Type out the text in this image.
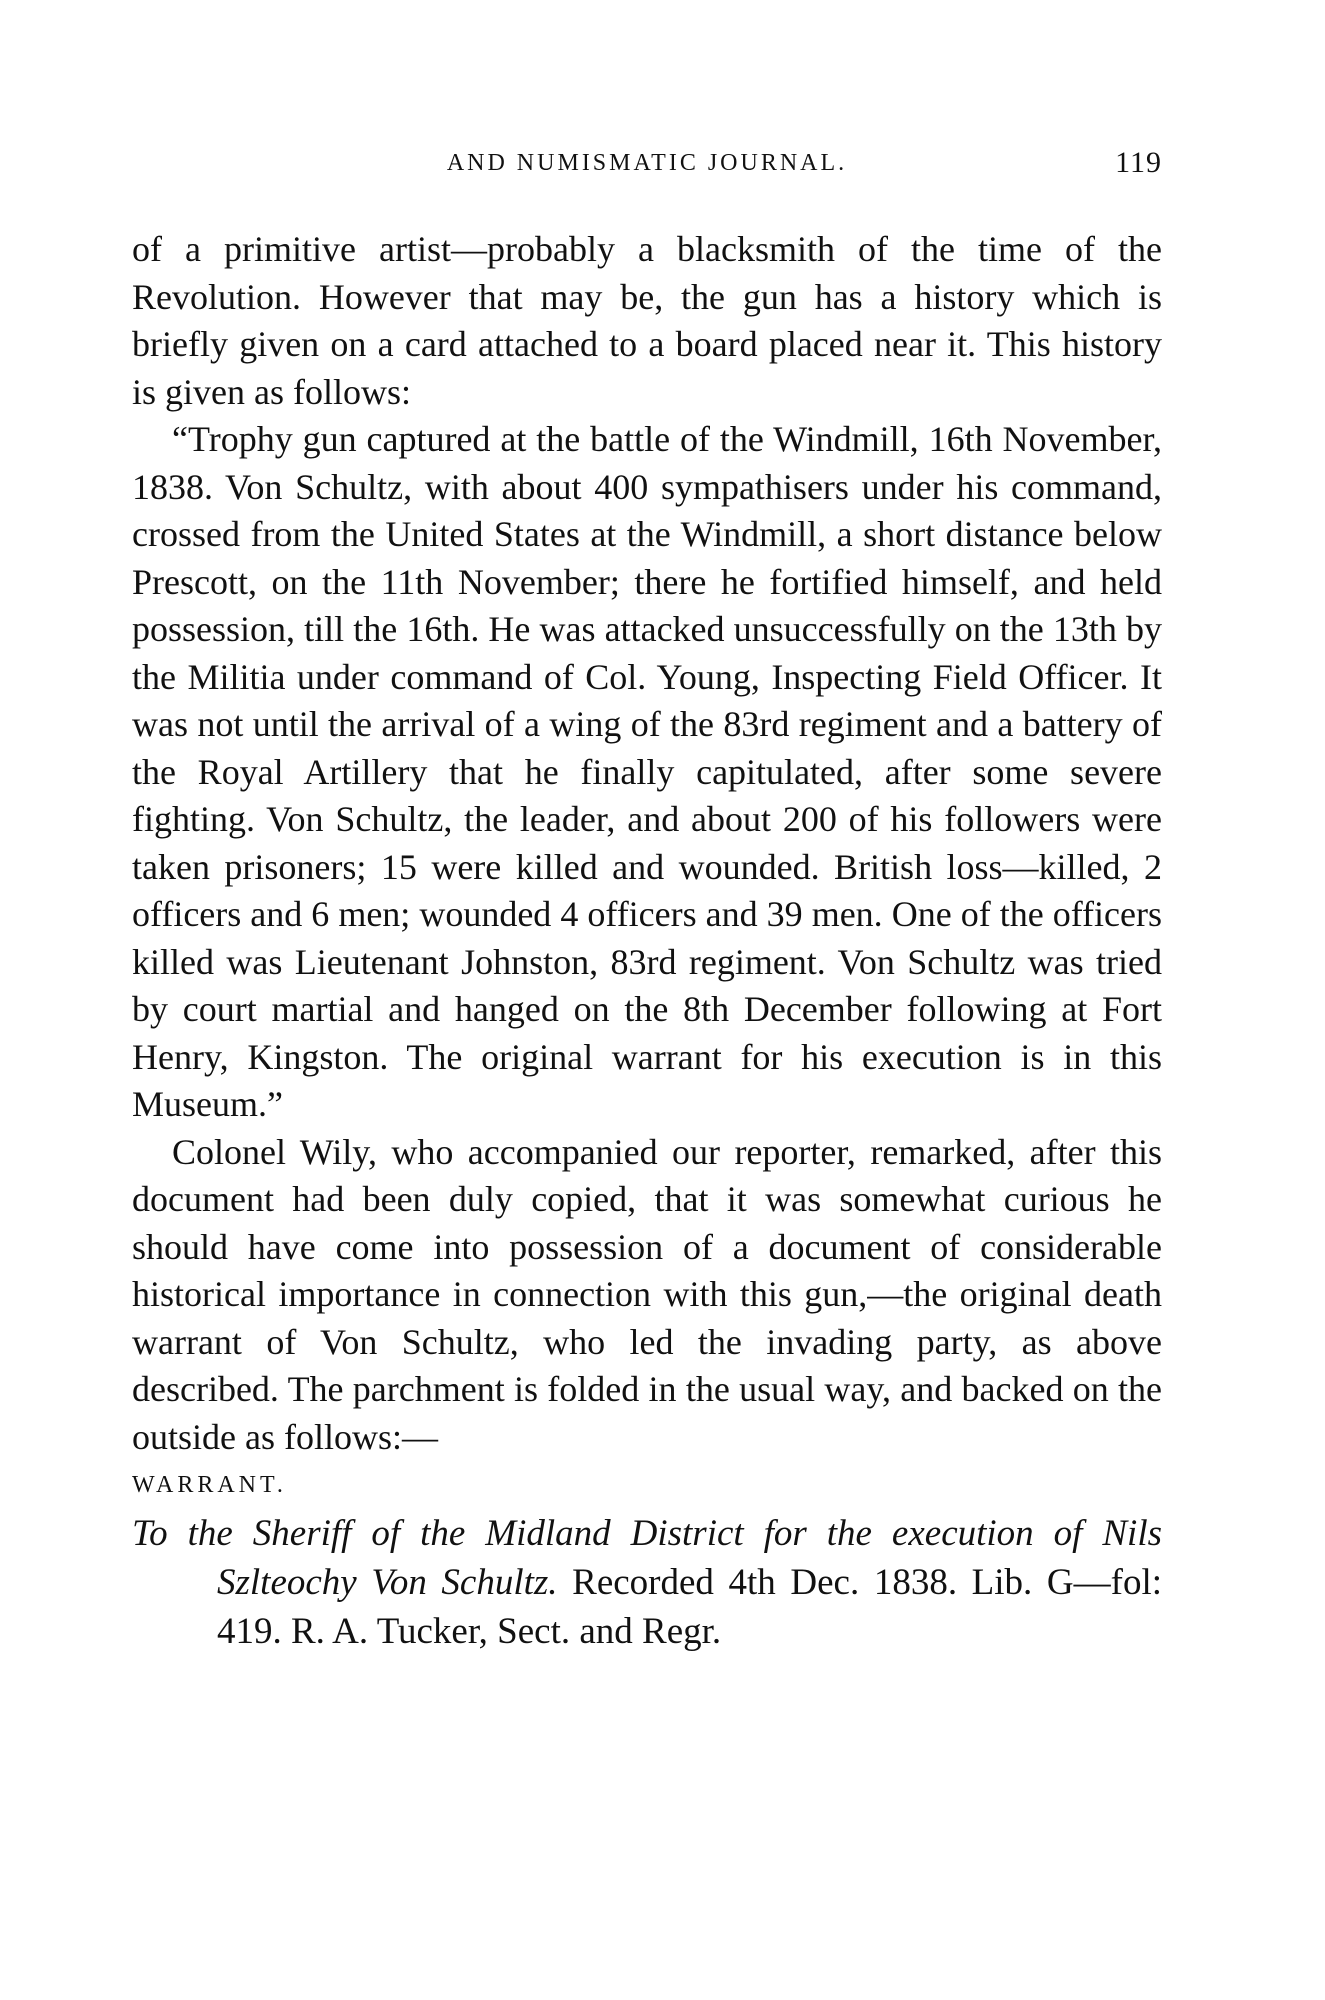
AND NUMISMATIC JOURNAL.	119

of a primitive artist—probably a blacksmith of the time of the Revolution. However that may be, the gun has a history which is briefly given on a card attached to a board placed near it. This history is given as follows:

“Trophy gun captured at the battle of the Windmill, 16th November, 1838. Von Schultz, with about 400 sympathisers under his command, crossed from the United States at the Windmill, a short distance below Prescott, on the 11th November; there he fortified himself, and held possession, till the 16th. He was attacked unsuccessfully on the 13th by the Militia under command of Col. Young, Inspecting Field Officer. It was not until the arrival of a wing of the 83rd regiment and a battery of the Royal Artillery that he finally capitulated, after some severe fighting. Von Schultz, the leader, and about 200 of his followers were taken prisoners; 15 were killed and wounded. British loss—killed, 2 officers and 6 men; wounded 4 officers and 39 men. One of the officers killed was Lieutenant Johnston, 83rd regiment. Von Schultz was tried by court martial and hanged on the 8th December following at Fort Henry, Kingston. The original warrant for his execution is in this Museum.”

Colonel Wily, who accompanied our reporter, remarked, after this document had been duly copied, that it was somewhat curious he should have come into possession of a document of considerable historical importance in connection with this gun,—the original death warrant of Von Schultz, who led the invading party, as above described. The parchment is folded in the usual way, and backed on the outside as follows:—

WARRANT.

To the Sheriff of the Midland District for the execution of Nils Szlteochy Von Schultz. Recorded 4th Dec. 1838. Lib. G—fol: 419. R. A. Tucker, Sect. and Regr.
